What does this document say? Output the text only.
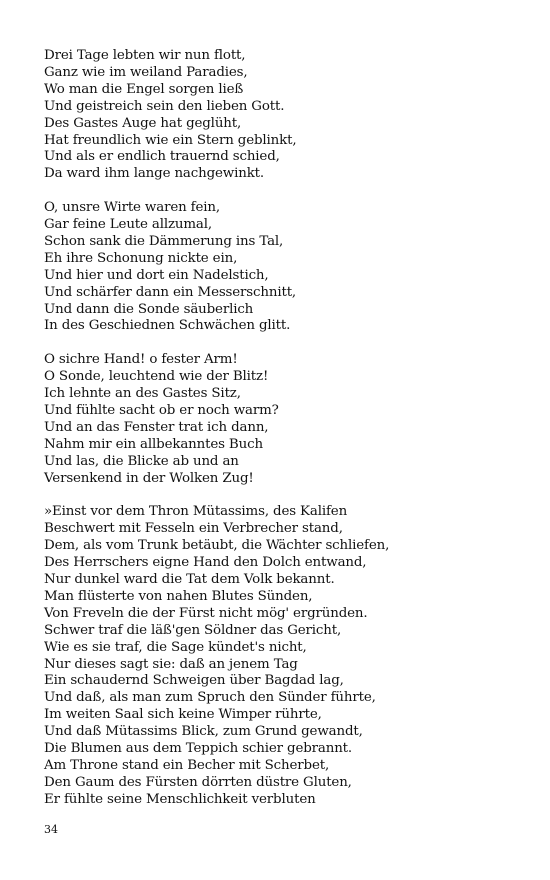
Drei Tage lebten wir nun flott,
Ganz wie im weiland Paradies,
Wo man die Engel sorgen ließ
Und geistreich sein den lieben Gott.
Des Gastes Auge hat geglüht,
Hat freundlich wie ein Stern geblinkt,
Und als er endlich trauernd schied,
Da ward ihm lange nachgewinkt.
O, unsre Wirte waren fein,
Gar feine Leute allzumal,
Schon sank die Dämmerung ins Tal,
Eh ihre Schonung nickte ein,
Und hier und dort ein Nadelstich,
Und schärfer dann ein Messerschnitt,
Und dann die Sonde säuberlich
In des Geschiednen Schwächen glitt.
O sichre Hand! o fester Arm!
O Sonde, leuchtend wie der Blitz!
Ich lehnte an des Gastes Sitz,
Und fühlte sacht ob er noch warm?
Und an das Fenster trat ich dann,
Nahm mir ein allbekanntes Buch
Und las, die Blicke ab und an
Versenkend in der Wolken Zug!
»Einst vor dem Thron Mütassims, des Kalifen
Beschwert mit Fesseln ein Verbrecher stand,
Dem, als vom Trunk betäubt, die Wächter schliefen,
Des Herrschers eigne Hand den Dolch entwand,
Nur dunkel ward die Tat dem Volk bekannt.
Man flüsterte von nahen Blutes Sünden,
Von Freveln die der Fürst nicht mög' ergründen.
Schwer traf die läß'gen Söldner das Gericht,
Wie es sie traf, die Sage kündet's nicht,
Nur dieses sagt sie: daß an jenem Tag
Ein schaudernd Schweigen über Bagdad lag,
Und daß, als man zum Spruch den Sünder führte,
Im weiten Saal sich keine Wimper rührte,
Und daß Mütassims Blick, zum Grund gewandt,
Die Blumen aus dem Teppich schier gebrannt.
Am Throne stand ein Becher mit Scherbet,
Den Gaum des Fürsten dörrten düstre Gluten,
Er fühlte seine Menschlichkeit verbluten
34
